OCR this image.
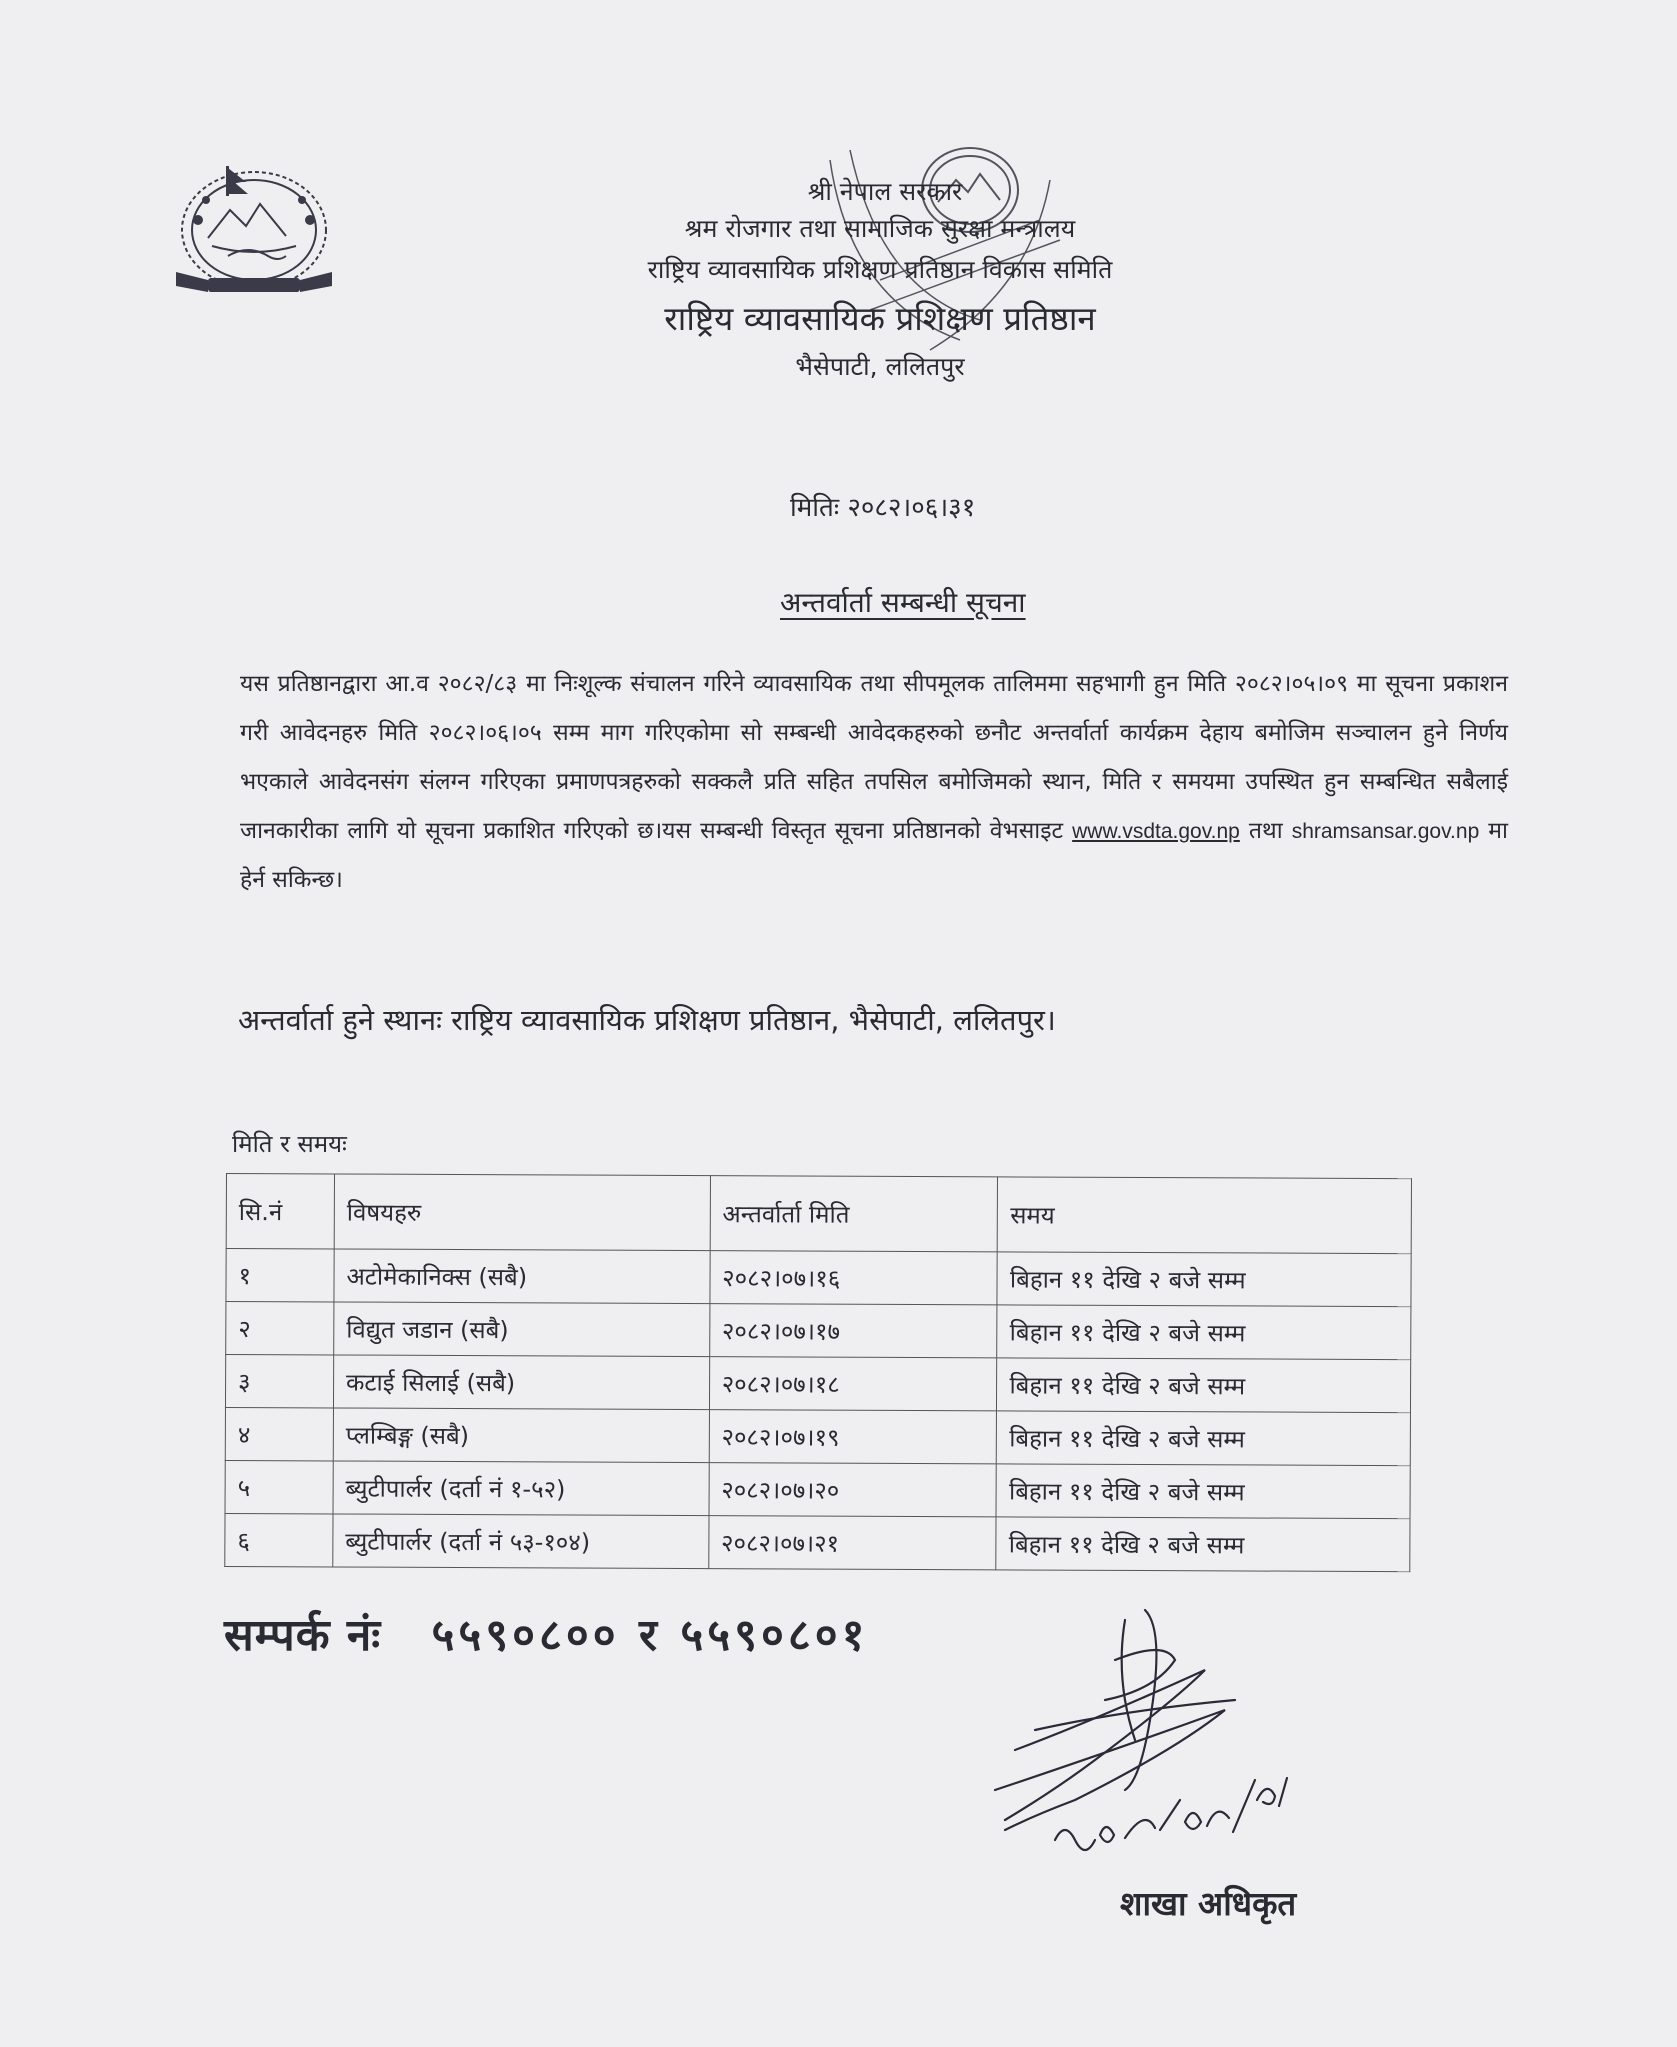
श्री नेपाल सरकार
श्रम रोजगार तथा सामाजिक सुरक्षा मन्त्रालय
राष्ट्रिय व्यावसायिक प्रशिक्षण प्रतिष्ठान विकास समिति
राष्ट्रिय व्यावसायिक प्रशिक्षण प्रतिष्ठान
भैसेपाटी, ललितपुर
मितिः २०८२।०६।३१
अन्तर्वार्ता सम्बन्धी सूचना
यस प्रतिष्ठानद्वारा आ.व २०८२/८३ मा निःशूल्क संचालन गरिने व्यावसायिक तथा सीपमूलक तालिममा सहभागी हुन मिति २०८२।०५।०९ मा सूचना प्रकाशन गरी आवेदनहरु मिति २०८२।०६।०५ सम्म माग गरिएकोमा सो सम्बन्धी आवेदकहरुको छनौट अन्तर्वार्ता कार्यक्रम देहाय बमोजिम सञ्चालन हुने निर्णय भएकाले आवेदनसंग संलग्न गरिएका प्रमाणपत्रहरुको सक्कलै प्रति सहित तपसिल बमोजिमको स्थान, मिति र समयमा उपस्थित हुन सम्बन्धित सबैलाई जानकारीका लागि यो सूचना प्रकाशित गरिएको छ।यस सम्बन्धी विस्तृत सूचना प्रतिष्ठानको वेभसाइट www.vsdta.gov.np तथा shramsansar.gov.np मा हेर्न सकिन्छ।
अन्तर्वार्ता हुने स्थानः राष्ट्रिय व्यावसायिक प्रशिक्षण प्रतिष्ठान, भैसेपाटी, ललितपुर।
मिति र समयः
सि.नं	विषयहरु	अन्तर्वार्ता मिति	समय
१	अटोमेकानिक्स (सबै)	२०८२।०७।१६	बिहान ११ देखि २ बजे सम्म
२	विद्युत जडान (सबै)	२०८२।०७।१७	बिहान ११ देखि २ बजे सम्म
३	कटाई सिलाई (सबै)	२०८२।०७।१८	बिहान ११ देखि २ बजे सम्म
४	प्लम्बिङ्ग (सबै)	२०८२।०७।१९	बिहान ११ देखि २ बजे सम्म
५	ब्युटीपार्लर (दर्ता नं १-५२)	२०८२।०७।२०	बिहान ११ देखि २ बजे सम्म
६	ब्युटीपार्लर (दर्ता नं ५३-१०४)	२०८२।०७।२१	बिहान ११ देखि २ बजे सम्म
सम्पर्क नंः ५५९०८०० र ५५९०८०१
शाखा अधिकृत
